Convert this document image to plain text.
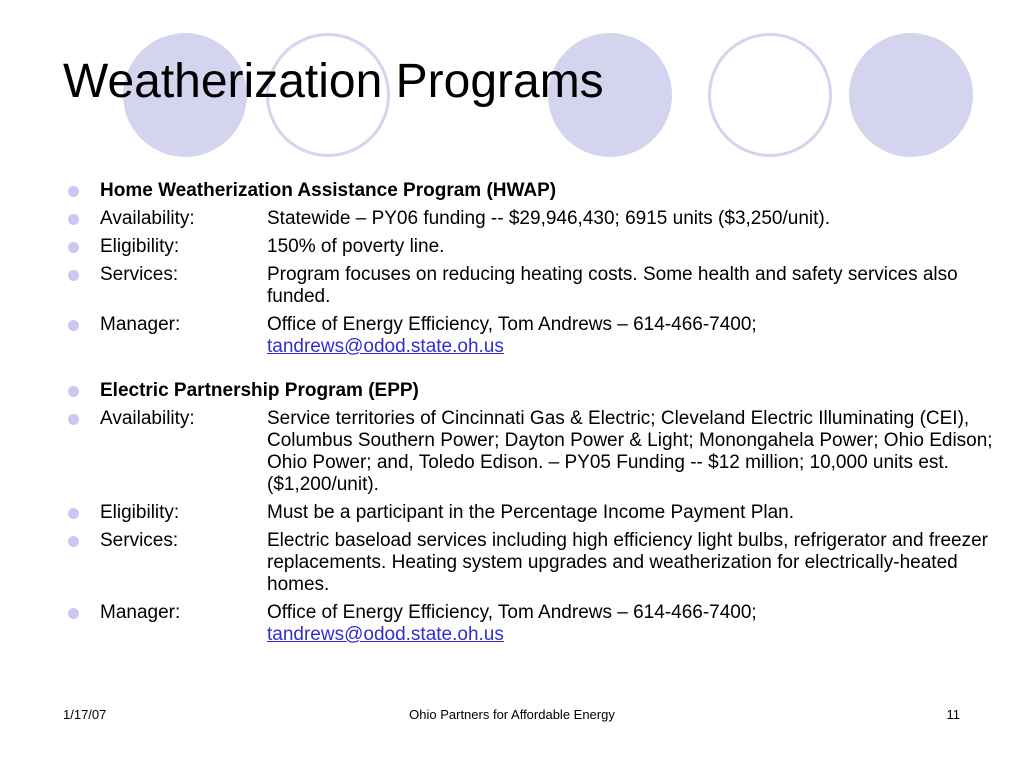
Weatherization Programs
Home Weatherization Assistance Program (HWAP)
Availability:	Statewide – PY06 funding -- $29,946,430; 6915 units ($3,250/unit).
Eligibility:	150% of poverty line.
Services:	Program focuses on reducing heating costs. Some health and safety services also funded.
Manager:	Office of Energy Efficiency, Tom Andrews – 614-466-7400;
tandrews@odod.state.oh.us
Electric Partnership Program (EPP)
Availability:	Service territories of Cincinnati Gas & Electric; Cleveland Electric Illuminating (CEI), Columbus Southern Power; Dayton Power & Light; Monongahela Power; Ohio Edison; Ohio Power; and, Toledo Edison. – PY05 Funding -- $12 million; 10,000 units est. ($1,200/unit).
Eligibility:	Must be a participant in the Percentage Income Payment Plan.
Services:	Electric baseload services including high efficiency light bulbs, refrigerator and freezer replacements. Heating system upgrades and weatherization for electrically-heated homes.
Manager:	Office of Energy Efficiency, Tom Andrews – 614-466-7400;
tandrews@odod.state.oh.us
1/17/07	Ohio Partners for Affordable Energy	11
